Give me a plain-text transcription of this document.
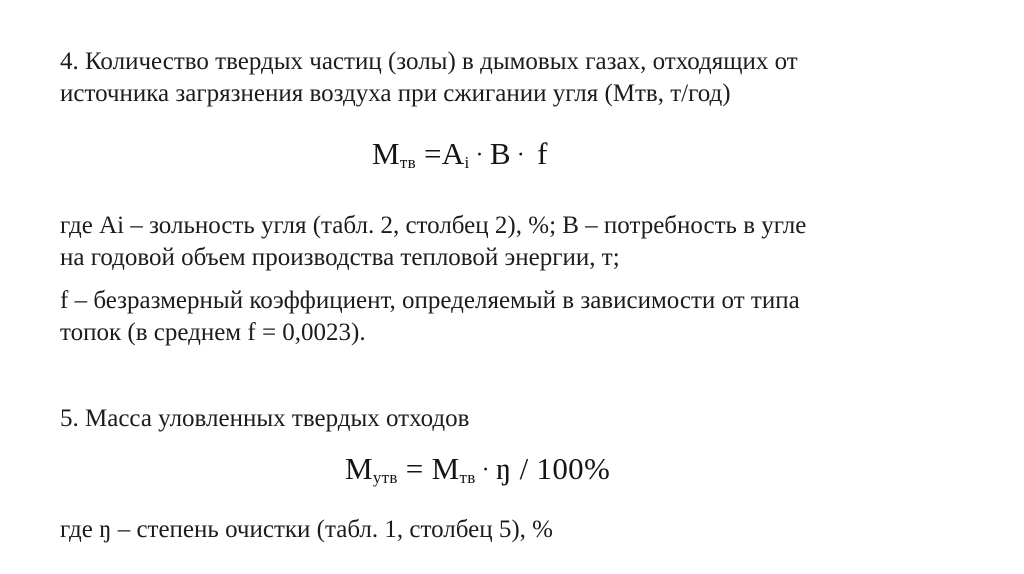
4. Количество твердых частиц (золы) в дымовых газах, отходящих от
источника загрязнения воздуха при сжигании угля (Мтв, т/год)
$M_{тв} =A_i \cdot B \cdot f$
где Ai – зольность угля (табл. 2, столбец 2), %; В – потребность в угле
на годовой объем производства тепловой энергии, т;
f – безразмерный коэффициент, определяемый в зависимости от типа
топок (в среднем f = 0,0023).
5. Масса уловленных твердых отходов
$M_{утв} = M_{тв}$ · ŋ / 100%
где ŋ – степень очистки (табл. 1, столбец 5), %
